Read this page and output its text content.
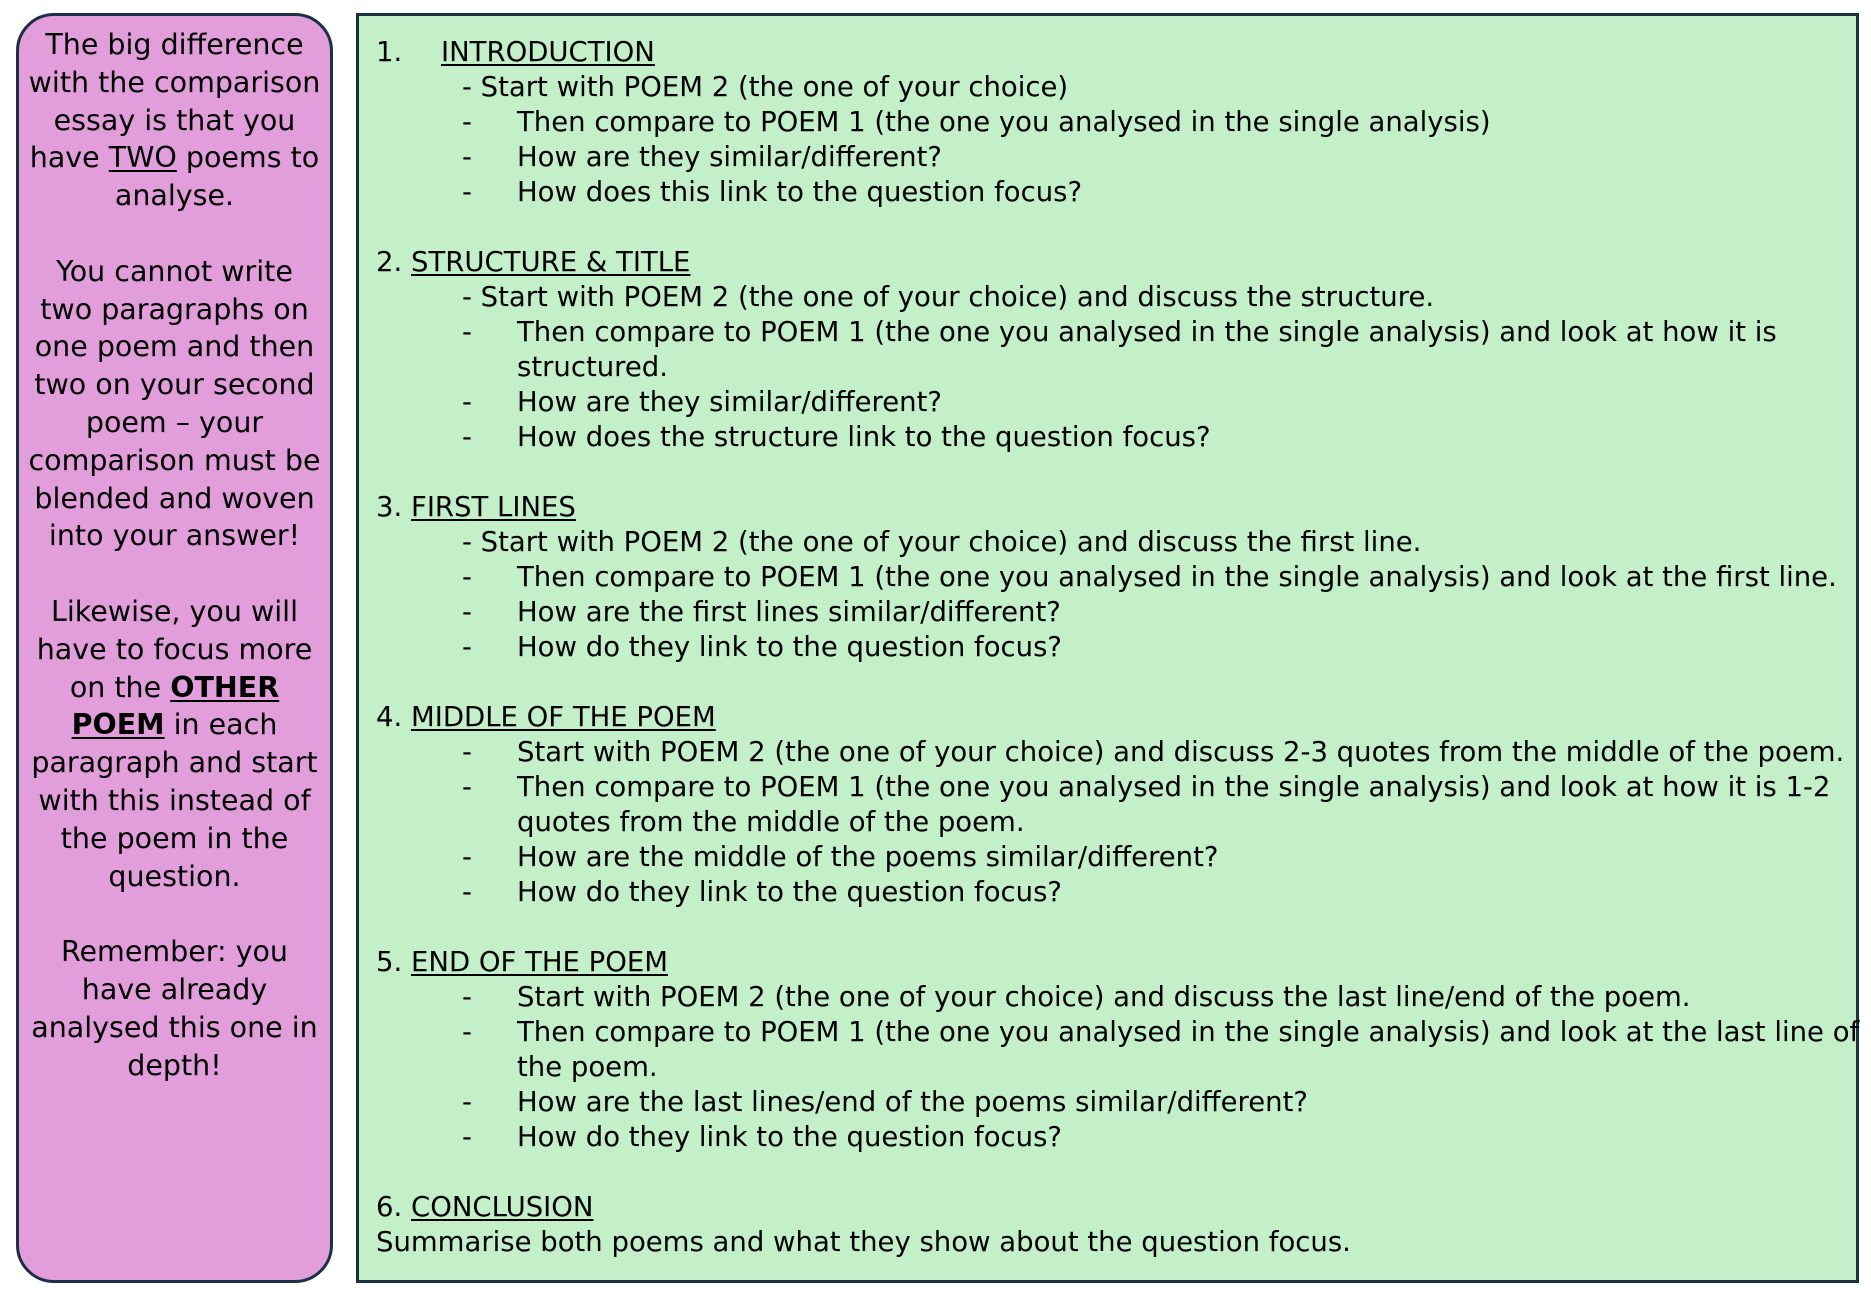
The big difference with the comparison essay is that you have TWO poems to analyse.

You cannot write two paragraphs on one poem and then two on your second poem – your comparison must be blended and woven into your answer!

Likewise, you will have to focus more on the OTHER POEM in each paragraph and start with this instead of the poem in the question.

Remember: you have already analysed this one in depth!

1. INTRODUCTION
- Start with POEM 2 (the one of your choice)
- Then compare to POEM 1 (the one you analysed in the single analysis)
- How are they similar/different?
- How does this link to the question focus?
2. STRUCTURE & TITLE
- Start with POEM 2 (the one of your choice) and discuss the structure.
- Then compare to POEM 1 (the one you analysed in the single analysis) and look at how it is
structured.
- How are they similar/different?
- How does the structure link to the question focus?
3. FIRST LINES
- Start with POEM 2 (the one of your choice) and discuss the first line.
- Then compare to POEM 1 (the one you analysed in the single analysis) and look at the first line.
- How are the first lines similar/different?
- How do they link to the question focus?
4. MIDDLE OF THE POEM
- Start with POEM 2 (the one of your choice) and discuss 2-3 quotes from the middle of the poem.
- Then compare to POEM 1 (the one you analysed in the single analysis) and look at how it is 1-2
quotes from the middle of the poem.
- How are the middle of the poems similar/different?
- How do they link to the question focus?
5. END OF THE POEM
- Start with POEM 2 (the one of your choice) and discuss the last line/end of the poem.
- Then compare to POEM 1 (the one you analysed in the single analysis) and look at the last line of
the poem.
- How are the last lines/end of the poems similar/different?
- How do they link to the question focus?
6. CONCLUSION
Summarise both poems and what they show about the question focus.
